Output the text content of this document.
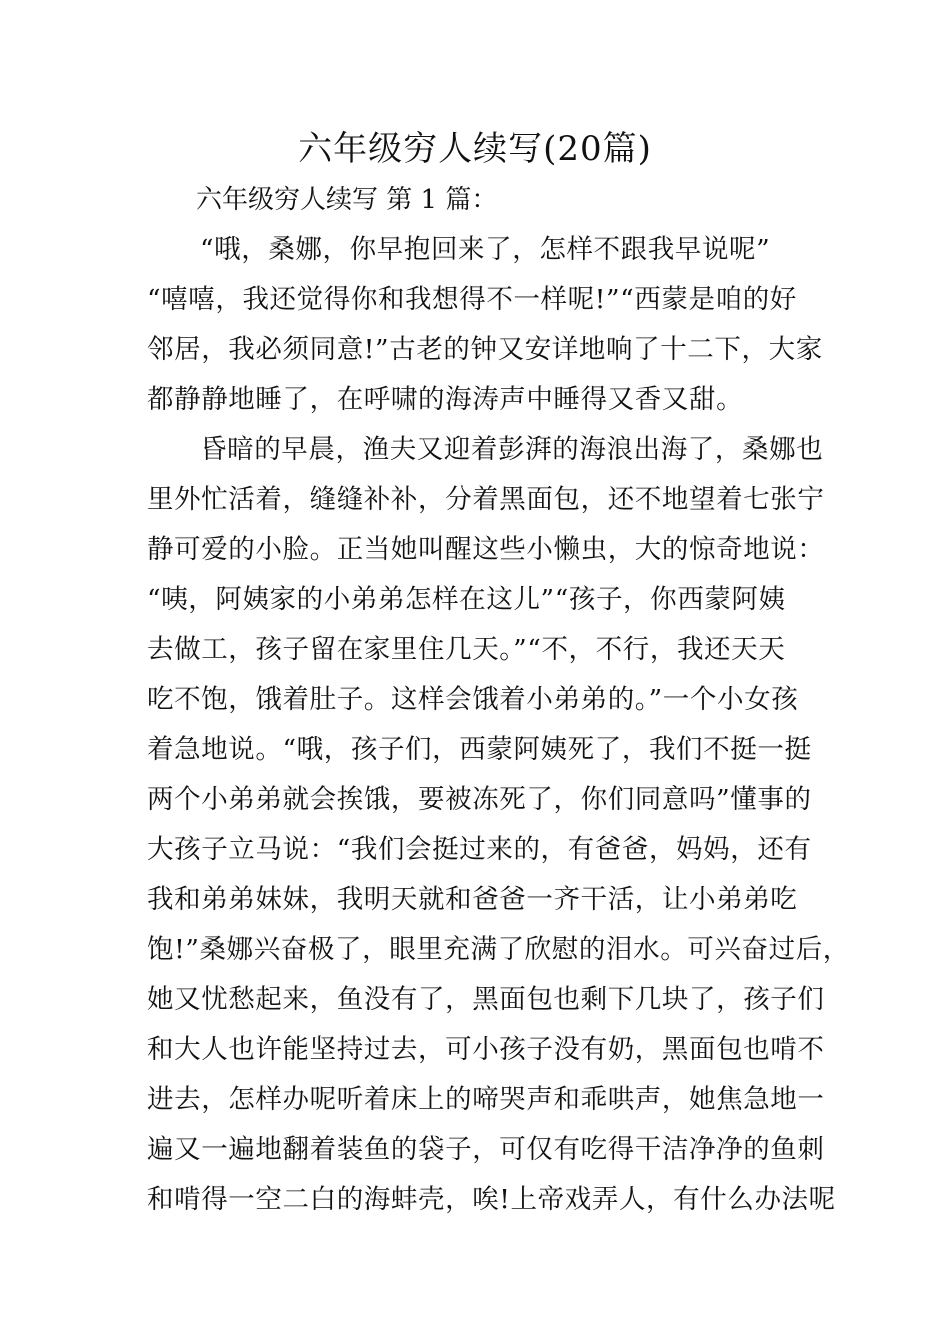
六年级穷人续写(20篇)

六年级穷人续写 第 1 篇：

“哦，桑娜，你早抱回来了，怎样不跟我早说呢”

“嘻嘻，我还觉得你和我想得不一样呢!”“西蒙是咱的好

邻居，我必须同意!”古老的钟又安详地响了十二下，大家

都静静地睡了，在呼啸的海涛声中睡得又香又甜。

昏暗的早晨，渔夫又迎着彭湃的海浪出海了，桑娜也

里外忙活着，缝缝补补，分着黑面包，还不地望着七张宁

静可爱的小脸。正当她叫醒这些小懒虫，大的惊奇地说：

“咦，阿姨家的小弟弟怎样在这儿”“孩子，你西蒙阿姨

去做工，孩子留在家里住几天。”“不，不行，我还天天

吃不饱，饿着肚子。这样会饿着小弟弟的。”一个小女孩

着急地说。“哦，孩子们，西蒙阿姨死了，我们不挺一挺

两个小弟弟就会挨饿，要被冻死了，你们同意吗”懂事的

大孩子立马说：“我们会挺过来的，有爸爸，妈妈，还有

我和弟弟妹妹，我明天就和爸爸一齐干活，让小弟弟吃

饱!”桑娜兴奋极了，眼里充满了欣慰的泪水。可兴奋过后，

她又忧愁起来，鱼没有了，黑面包也剩下几块了，孩子们

和大人也许能坚持过去，可小孩子没有奶，黑面包也啃不

进去，怎样办呢听着床上的啼哭声和乖哄声，她焦急地一

遍又一遍地翻着装鱼的袋子，可仅有吃得干洁净净的鱼刺

和啃得一空二白的海蚌壳，唉!上帝戏弄人，有什么办法呢
